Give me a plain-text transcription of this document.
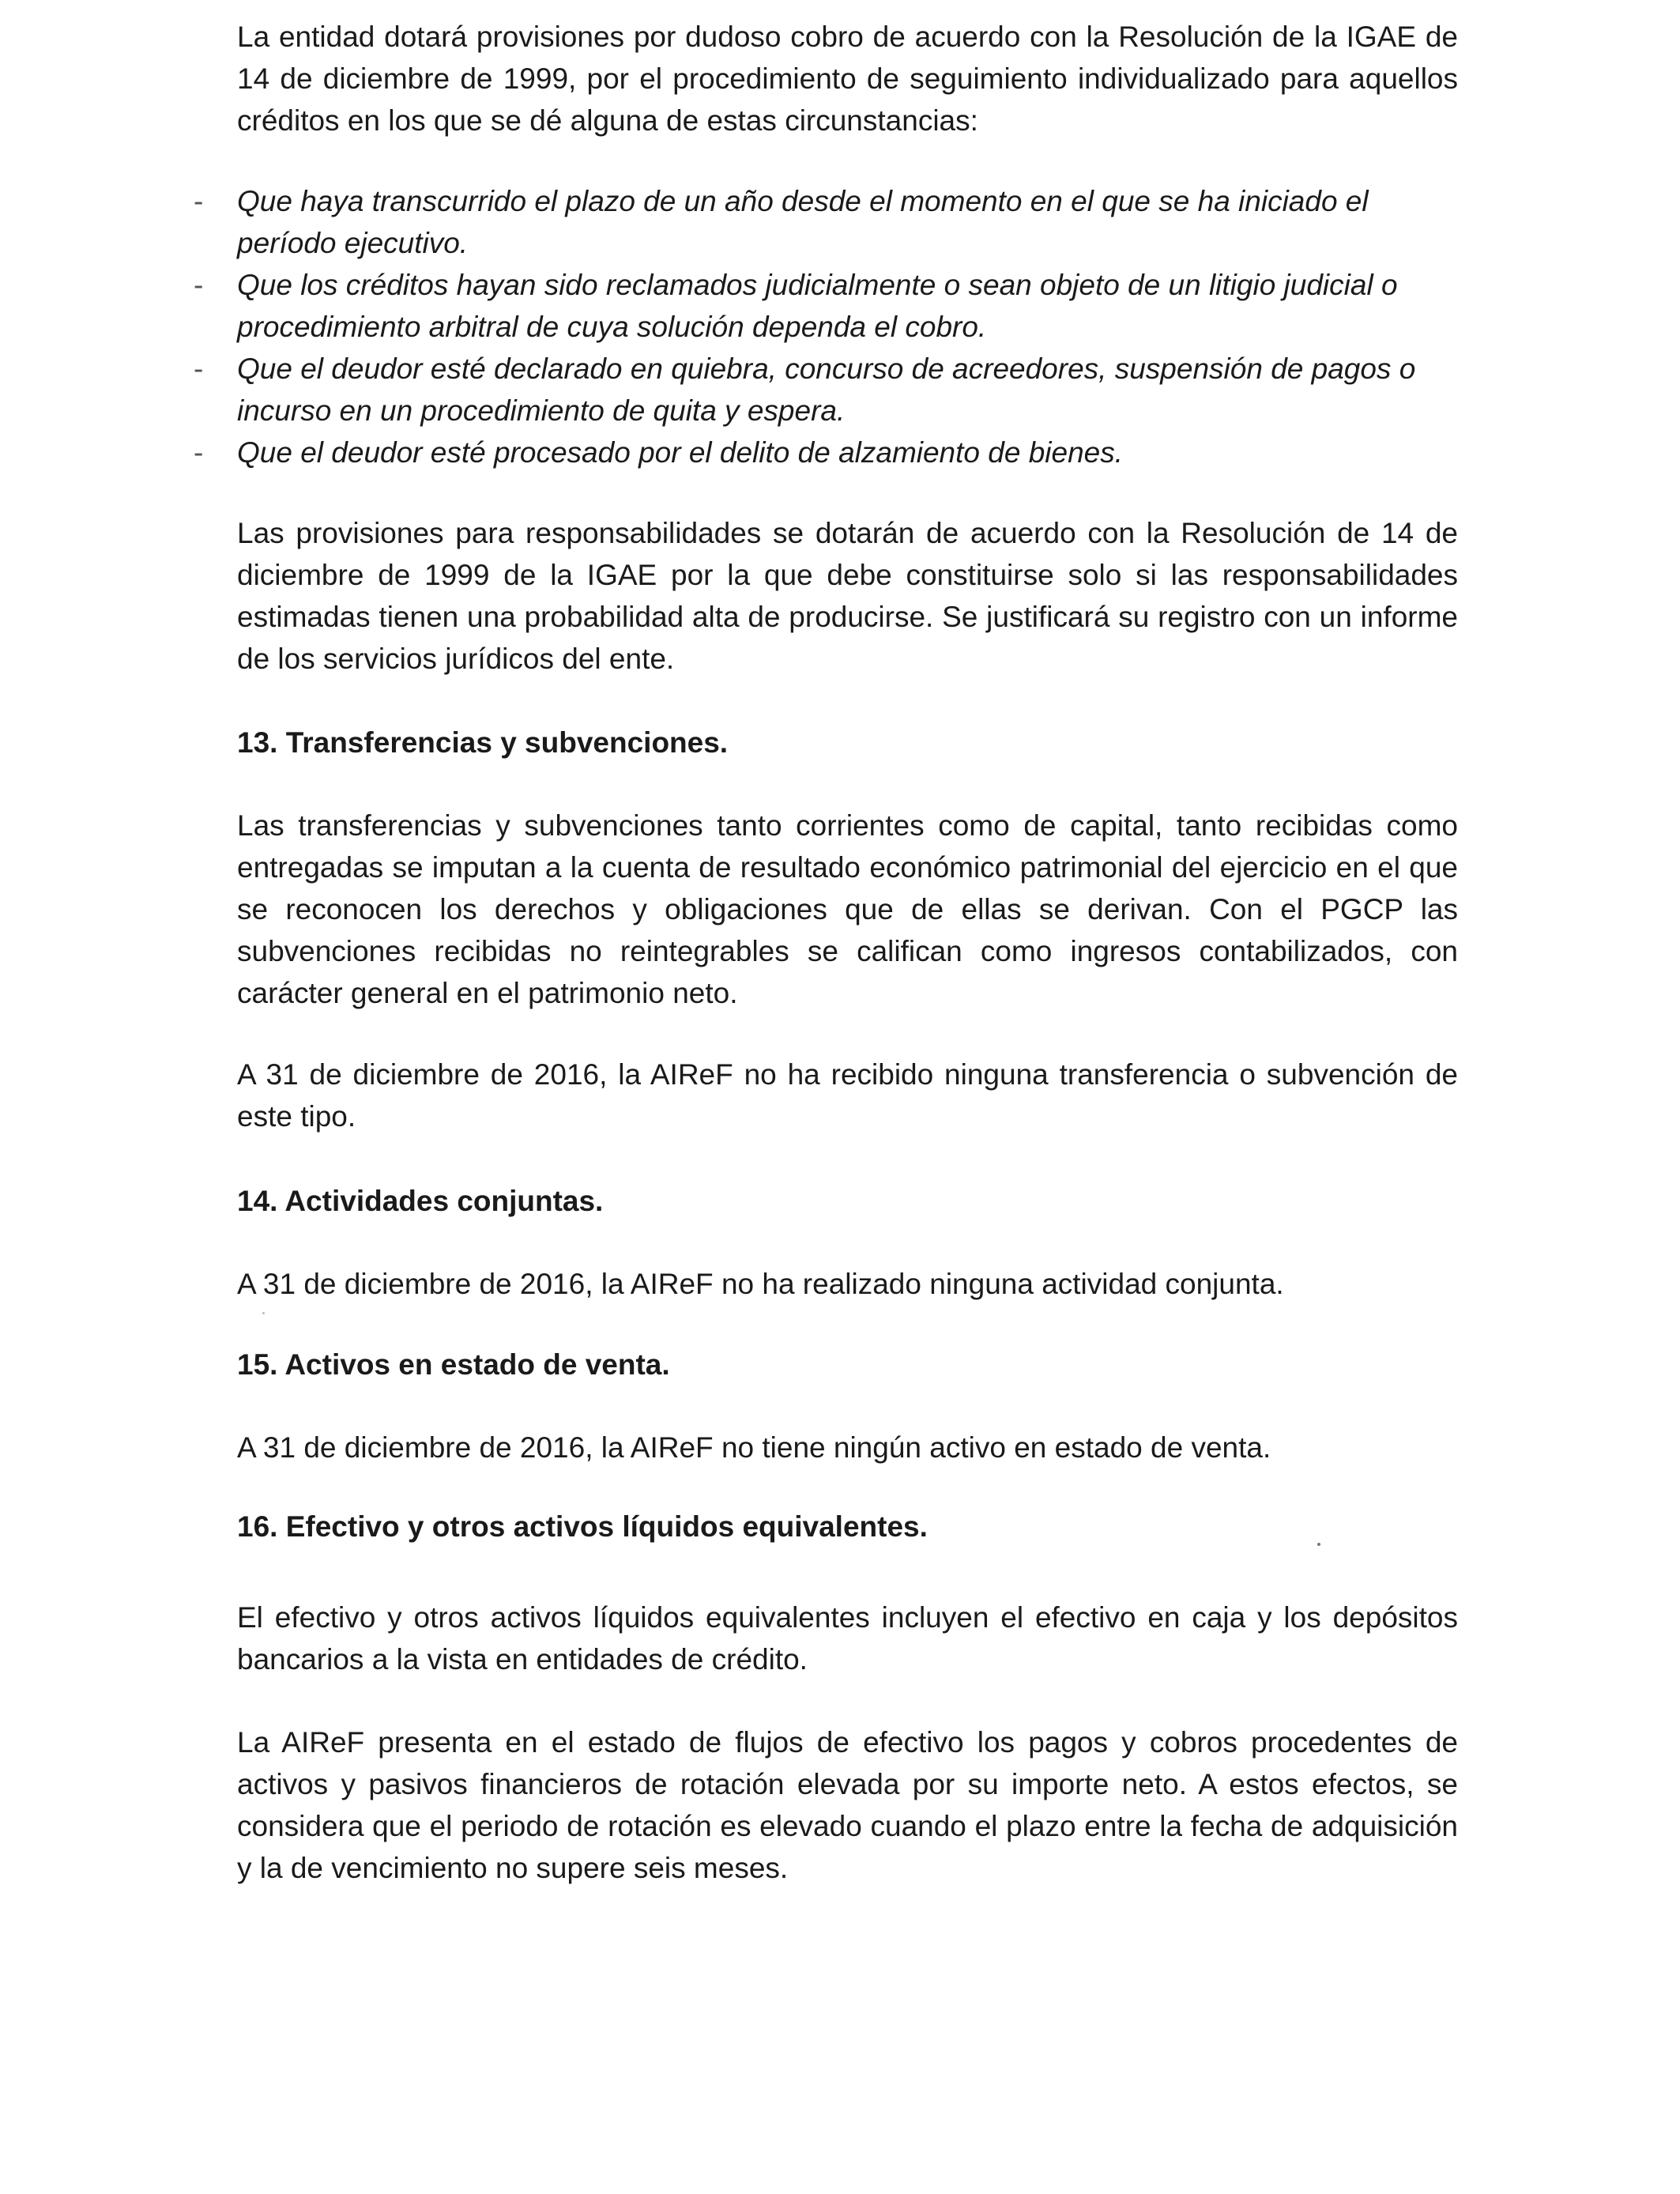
La entidad dotará provisiones por dudoso cobro de acuerdo con la Resolución de la IGAE de 14 de diciembre de 1999, por el procedimiento de seguimiento individualizado para aquellos créditos en los que se dé alguna de estas circunstancias:

-	Que haya transcurrido el plazo de un año desde el momento en el que se ha iniciado el período ejecutivo.
-	Que los créditos hayan sido reclamados judicialmente o sean objeto de un litigio judicial o procedimiento arbitral de cuya solución dependa el cobro.
-	Que el deudor esté declarado en quiebra, concurso de acreedores, suspensión de pagos o incurso en un procedimiento de quita y espera.
-	Que el deudor esté procesado por el delito de alzamiento de bienes.

Las provisiones para responsabilidades se dotarán de acuerdo con la Resolución de 14 de diciembre de 1999 de la IGAE por la que debe constituirse solo si las responsabilidades estimadas tienen una probabilidad alta de producirse. Se justificará su registro con un informe de los servicios jurídicos del ente.

13. Transferencias y subvenciones.

Las transferencias y subvenciones tanto corrientes como de capital, tanto recibidas como entregadas se imputan a la cuenta de resultado económico patrimonial del ejercicio en el que se reconocen los derechos y obligaciones que de ellas se derivan. Con el PGCP las subvenciones recibidas no reintegrables se califican como ingresos contabilizados, con carácter general en el patrimonio neto.

A 31 de diciembre de 2016, la AIReF no ha recibido ninguna transferencia o subvención de este tipo.

14. Actividades conjuntas.

A 31 de diciembre de 2016, la AIReF no ha realizado ninguna actividad conjunta.

15. Activos en estado de venta.

A 31 de diciembre de 2016, la AIReF no tiene ningún activo en estado de venta.

16. Efectivo y otros activos líquidos equivalentes.

El efectivo y otros activos líquidos equivalentes incluyen el efectivo en caja y los depósitos bancarios a la vista en entidades de crédito.

La AIReF presenta en el estado de flujos de efectivo los pagos y cobros procedentes de activos y pasivos financieros de rotación elevada por su importe neto. A estos efectos, se considera que el periodo de rotación es elevado cuando el plazo entre la fecha de adquisición y la de vencimiento no supere seis meses.
